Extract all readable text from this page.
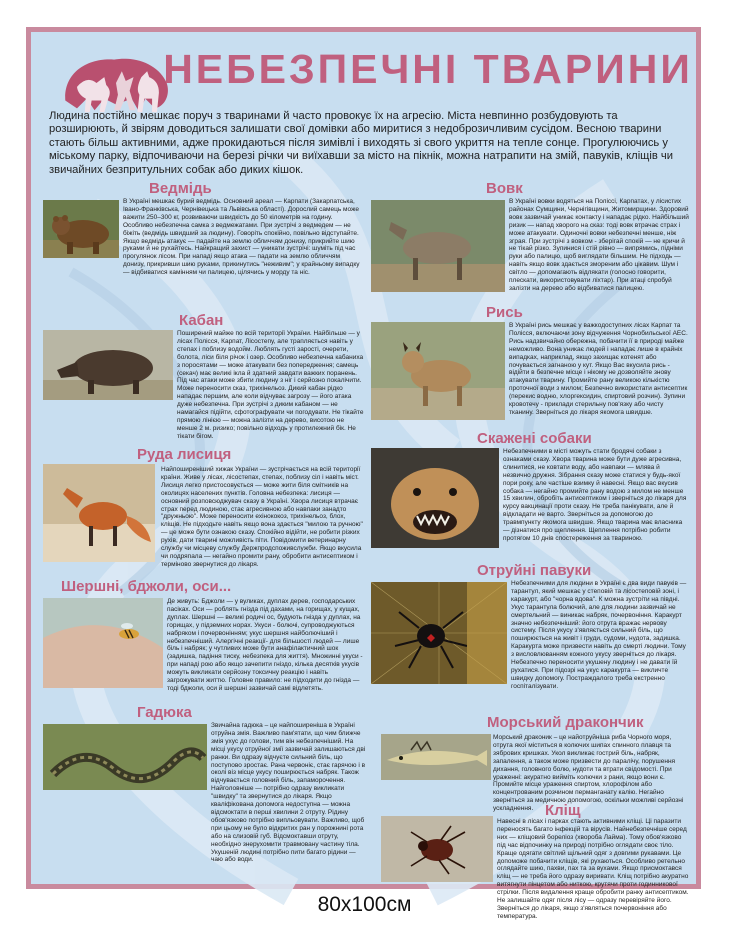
НЕБЕЗПЕЧНІ ТВАРИНИ

Людина постійно мешкає поруч з тваринами й часто провокує їх на агресію. Міста невпинно розбудовують та розширюють, й звірям доводиться залишати свої домівки або миритися з недоброзичливим сусідом. Весною тварини стають більш активними, адже прокидаються після зимівлі і виходять зі свого укриття на тепле сонце. Прогулюючись у міському парку, відпочиваючи на березі річки чи виїхавши за місто на пікнік, можна натрапити на змій, павуків, кліщів чи звичайних безпритульних собак або диких кішок.

Ведмідь

В Україні мешкає бурий ведмідь. Основний ареал — Карпати (Закарпатська, Івано-Франківська, Чернівецька та Львівська області). Дорослий самець може важити 250–300 кг, розвиваючи швидкість до 50 кілометрів на годину. Особливо небезпечна самка з ведмежатами. При зустрічі з ведмедем — не біжіть (ведмідь швидший за людину). Говоріть спокійно, повільно відступайте. Якщо ведмідь атакує — падайте на землю обличчям донизу, прикрийте шию руками й не рухайтесь. Найкращий захист — уникати зустрічі: шуміть під час прогулянок лісом. При нападі якщо атака — падати на землю обличчям донизу, прикривши шию руками, прикинутись "неживим"; у крайньому випадку — відбиватися камінням чи палицею, цілячись у морду та ніс.

Кабан

Поширений майже по всій території України. Найбільше — у лісах Полісся, Карпат, Лісостепу, але трапляється навіть у степах і поблизу водойм. Люблять густі зарості, очерети, болота, ліси біля річок і озер. Особливо небезпечна кабаниха з поросятами — може атакувати без попередження; самець (секач) має великі ікла й здатний завдати важких поранень. Під час атаки може збити людину з ніг і серйозно покалічити. Може переносити сказ, трихінельоз. Дикий кабан рідко нападає першим, але коли відчуває загрозу — його атака дуже небезпечна. При зустрічі з диким кабаном — не намагайся підійти, сфотографувати чи погодувати. Не тікайте прямою лінією — можна залізти на дерево, висотою не менше 2 м. ризико; повільно відходь у протилежний бік. Не тікати бігом.

Руда лисиця

Найпоширеніший хижак України — зустрічається на всій території країни. Живе у лісах, лісостепах, степах, поблизу сіл і навіть міст. Лисиця легко пристосовується — може жити біля смітників на околицях населених пунктів. Головна небезпека: лисиця — основний розповсюджувач сказу в Україні. Хвора лисиця втрачає страх перед людиною, стає агресивною або навпаки занадто "дружньою". Може переносити ехінококоз, трихінельоз, блох, кліщів. Не підходьте навіть якщо вона здається "милою та ручною" — це може бути ознакою сказу. Спокійно відійти, не робити різких рухів, дати тварині можливість піти. Повідомити ветеринарну службу чи місцеву службу Держпродспоживслужби. Якщо вкусила чи подряпала — негайно промити рану, обробити антисептиком і терміново звернутися до лікаря.

Шершні, бджоли, оси...

Де живуть: Бджоли — у вуликах, дуплах дерев, господарських пасіках. Оси — роблять гнізда під дахами, на горищах, у кущах, дуплах. Шершні — великі родичі ос, будують гнізда у дуплах, на горищах, у підземних норах. Укуси - болючі, супроводжуються набряком і почервонінням; укус шершня найболючіший і небезпечніший. Алергічні реакції- для більшості людей — лише біль і набряк; у чутливих може бути анафілактичний шок (задишка, падіння тиску, небезпека для життя). Множинні укуси - при нападі рою або якщо зачепити гніздо, кілька десятків укусів можуть викликати серйозну токсичну реакцію і навіть загрожувати життю. Головне правило: не підходити до гнізда — тоді бджоли, оси й шершні зазвичай самі відлетять.

Гадюка

Звичайна гадюка – це найпоширеніша в Україні отруйна змія. Важливо пам'ятати, що чим ближче змія ухус до голови, тим він небезпечніший. На місці укусу отруйної змії зазвичай залишаються дві ранки. Ви одразу відчуєте сильний біль, що поступово зростає. Рана червоніє, стає гарячою і в околі віз місце укусу поширюється набряк. Також відчувається головний біль, запаморочення. Найголовніше — потрібно одразу викликати "швидку" та звернутися до лікаря. Якщо кваліфікована допомога недоступна — можна відсмоктати в перші хвилини 2 отруту. Рідину обов'язково потрібно випльовувати. Важливо, щоб при цьому не було відкритих ран у порожнині рота або на слизовій губ. Відсмоктавши отруту, необхідно знерухомити травмовану частину тіла. Укушеній людині потрібно пити багато рідини — чаю або води.

Вовк

В Україні вовки водяться на Поліссі, Карпатах, у лісистих районах Сумщини, Чернігівщини, Житомирщини. Здоровий вовк зазвичай уникає контакту і нападає рідко. Найбільший ризик — напад хворого на сказ: тоді вовк втрачає страх і може атакувати. Одиночні вовки небезпечні менше, ніж зграя. При зустрічі з вовком - зберігай спокій — не кричи й не тікай різко. Зупинися і стій рівно — випрямись, підніми руки або палицю, щоб виглядати більшим. Не підходь — навіть якщо вовк здається змореним або цікавим. Шум і світло — допомагають відлякати (голосно говорити, плескати, використовувати ліхтар). При атаці спробуй залізти на дерево або відбиватися палицею.

Рись

В Україні рись мешкає у важкодоступних лісах Карпат та Полісся, включаючи зону відчуження Чорнобильської АЕС. Рись надзвичайно обережна, побачити її в природі майже неможливо. Вона уникає людей і нападає лише в крайніх випадках, наприклад, якщо захищає котенят або почувається загнаною у кут. Якщо Вас вкусила рись - відійти в безпечне місце і нікому не дозволяйте знову атакувати тварину. Промийте рану великою кількістю проточної води з милом; Безпечно використати антисептик (перекис водню, хлоргексидин, спиртовий розчин). Зупини кровотечу - приклади стерильну пов'язку або чисту тканину. Зверніться до лікаря якомога швидше.

Скажені собаки

Небезпечними в місті можуть стати бродячі собаки з ознаками сказу. Хвора тварина може бути дуже агресивна, слинитися, не ковтати воду, або навпаки — млява й незвично дружня. Зібрання сказу може статися у будь-якої пори року, але частіше взимку й навесні. Якщо вас вкусив собака — негайно промийте рану водою з милом не менше 15 хвилин, обробіть антисептиком і зверніться до лікаря для курсу вакцинації проти сказу. Не треба панікувати, але й відкладати не варто. Зверніться за допомогою до травмпункту якомога швидше. Якщо тварина має власника — дізнатися про щеплення. Щеплення потрібно робити протягом 10 днів спостереження за твариною.

Отруйні павуки

Небезпечними для людини в Україні є два види павуків — тарантул, який мешкає у степовій та лісостеповій зоні, і каракурт, або "чорна вдова". К можна зустріти на півдні. Укус тарантула болючий, але для людини зазвичай не смертельний — виникає набряк, почервоніння. Каракурт значно небезпечніший: його отрута вражає нервову систему. Після укусу з'являється сильний біль, що поширюється на живіт і груди, судоми, нудота, задишка. Каракурта може призвести навіть до смерті людини. Тому з висловлюванням кожного укусу зверніться до лікаря. Небезпечно переносити укушену людину і не давати їй рухатися. При підозрі на укус каракурта — викличте швидку допомогу. Постраждалого треба екстренно госпіталізувати.

Морський дракончик

Морський драконик – це найотруйніша риба Чорного моря, отрута якої міститься в колючих шипах спинного плавця та зябрових кришках. Укол викликає гострий біль, набряк, запалення, а також може призвести до паралічу, порушення дихання, головного болю, нудоти та втрати свідомості. При ураженні: акуратно вийміть колючки з рани, якщо вони є. Промийте місце ураження спиртом, хлорофілом або концентрованим розчином перманганату калію. Негайно зверніться за медичною допомогою, оскільки можливі серйозні ускладнення. Кліщ

Навесні в лісах і парках стають активними кліщі. Ці паразити переносять багато інфекцій та вірусів. Найнебезпечніше серед них — кліщовий бореліоз (хвороба Лайма). Тому обов'язково під час відпочинку на природі потрібно оглядати своє тіло. Краще одягати світлий щільний одяг з довгими рукавами. Це допоможе побачити кліщів, які рухаються. Особливо ретельно оглядайте шию, пахви, пах та за вухами. Якщо присмоктався кліщ — не треба його одразу виривати. Кліщ потрібно акуратно витягнути пінцетом або ниткою, крутячи проти годинникової стрілки. Після видалення краще обробити ранку антисептиком. Не залишайте одяг після лісу — одразу перевіряйте його. Зверніться до лікаря, якщо з'являться почервоніння або температура.

80x100см
